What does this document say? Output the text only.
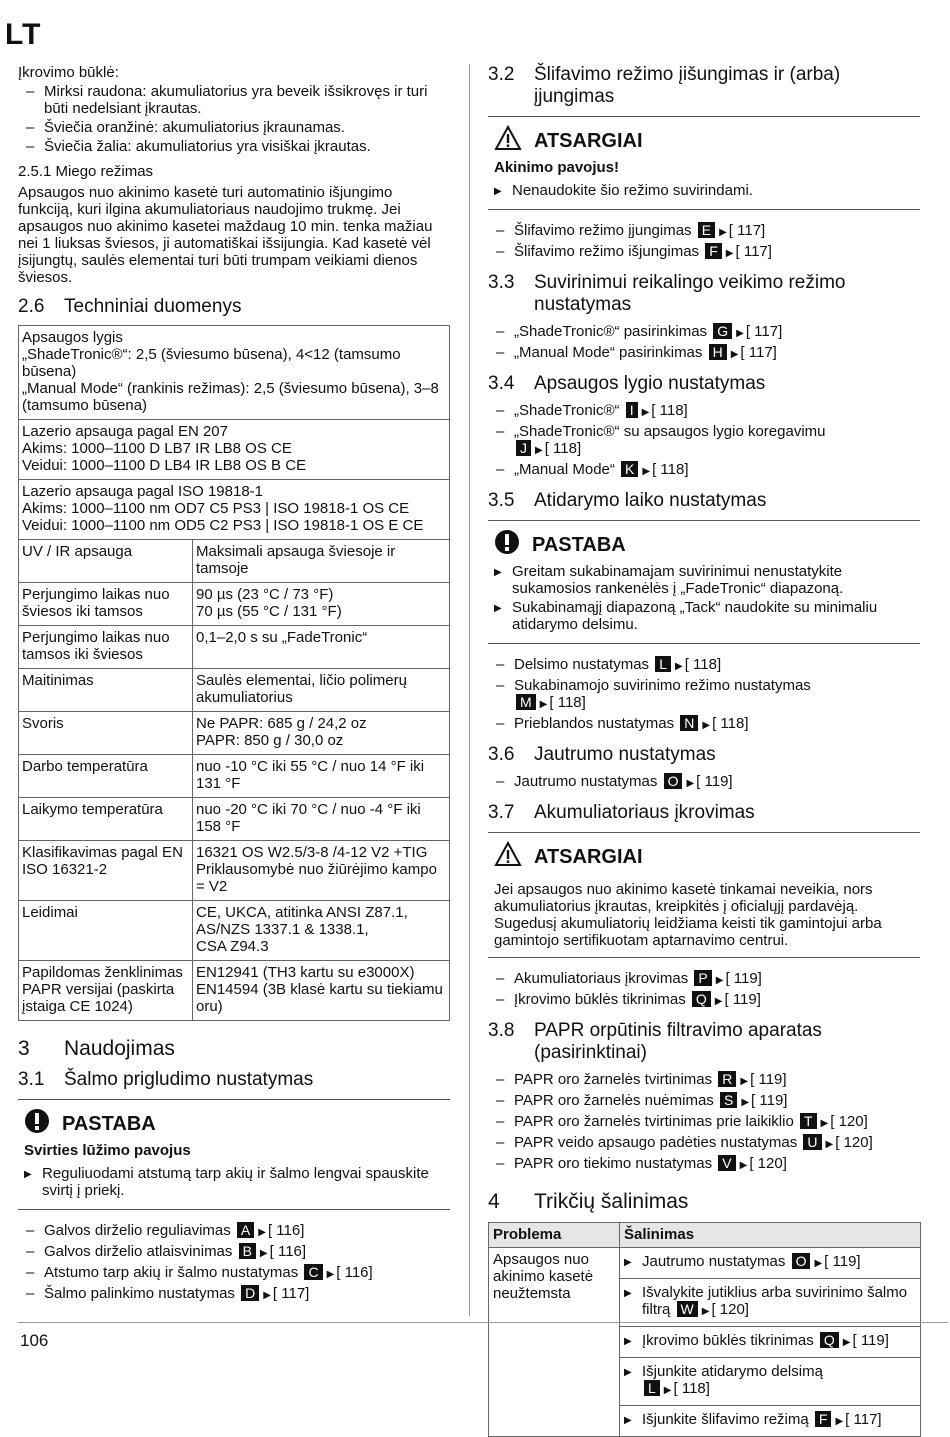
LT

Įkrovimo būklė:

– Mirksi raudona: akumuliatorius yra beveik išsikrovęs ir turi būti nedelsiant įkrautas.
– Šviečia oranžinė: akumuliatorius įkraunamas.
– Šviečia žalia: akumuliatorius yra visiškai įkrautas.
2.5.1 Miego režimas

Apsaugos nuo akinimo kasetė turi automatinio išjungimo funkciją, kuri ilgina akumuliatoriaus naudojimo trukmę. Jei apsaugos nuo akinimo kasetei maždaug 10 min. tenka mažiau nei 1 liuksas šviesos, ji automatiškai išsijungia. Kad kasetė vėl įsijungtų, saulės elementai turi būti trumpam veikiami dienos šviesos.

2.6	Techniniai duomenys
Apsaugos lygis
„ShadeTronic®“: 2,5 (šviesumo būsena), 4<12 (tamsumo būsena)
„Manual Mode“ (rankinis režimas): 2,5 (šviesumo būsena), 3–8 (tamsumo būsena)	
Lazerio apsauga pagal EN 207
Akims: 1000–1100 D LB7 IR LB8 OS CE
Veidui: 1000–1100 D LB4 IR LB8 OS B CE	
Lazerio apsauga pagal ISO 19818-1
Akims: 1000–1100 nm OD7 C5 PS3 | ISO 19818-1 OS CE
Veidui: 1000–1100 nm OD5 C2 PS3 | ISO 19818-1 OS E CE	
UV / IR apsauga	Maksimali apsauga šviesoje ir tamsoje
Perjungimo laikas nuo šviesos iki tamsos	90 µs (23 °C / 73 °F)
70 µs (55 °C / 131 °F)
Perjungimo laikas nuo tamsos iki šviesos	0,1–2,0 s su „FadeTronic“
Maitinimas	Saulės elementai, ličio polimerų akumuliatorius
Svoris	Ne PAPR: 685 g / 24,2 oz
PAPR: 850 g / 30,0 oz
Darbo temperatūra	nuo -10 °C iki 55 °C / nuo 14 °F iki 131 °F
Laikymo temperatūra	nuo -20 °C iki 70 °C / nuo -4 °F iki 158 °F
Klasifikavimas pagal EN ISO 16321-2	16321 OS W2.5/3-8 /4-12 V2 +TIG
Priklausomybė nuo žiūrėjimo kampo = V2
Leidimai	CE, UKCA, atitinka ANSI Z87.1, AS/NZS 1337.1 & 1338.1,
CSA Z94.3
Papildomas ženklinimas PAPR versijai (paskirta įstaiga CE 1024)	EN12941 (TH3 kartu su e3000X)
EN14594 (3B klasė kartu su tiekiamu oru)
3	Naudojimas
3.1	Šalmo prigludimo nustatymas
PASTABA
Svirties lūžimo pavojus
▶ Reguliuodami atstumą tarp akių ir šalmo lengvai spauskite svirtį į priekį.
– Galvos dirželio reguliavimas A ▶ [ 116]
– Galvos dirželio atlaisvinimas B ▶ [ 116]
– Atstumo tarp akių ir šalmo nustatymas C ▶ [ 116]
– Šalmo palinkimo nustatymas D ▶ [ 117]
3.2	Šlifavimo režimo įišungimas ir (arba) įjungimas
ATSARGIAI
Akinimo pavojus!
▶ Nenaudokite šio režimo suvirindami.
– Šlifavimo režimo įjungimas E ▶ [ 117]
– Šlifavimo režimo išjungimas F ▶ [ 117]
3.3	Suvirinimui reikalingo veikimo režimo nustatymas
– „ShadeTronic®“ pasirinkimas G ▶ [ 117]
– „Manual Mode“ pasirinkimas H ▶ [ 117]
3.4	Apsaugos lygio nustatymas
– „ShadeTronic®“ I ▶ [ 118]
– „ShadeTronic®“ su apsaugos lygio koregavimu
J ▶ [ 118]
– „Manual Mode“ K ▶ [ 118]
3.5	Atidarymo laiko nustatymas
PASTABA
▶ Greitam sukabinamajam suvirinimui nenustatykite sukamosios rankenėlės į „FadeTronic“ diapazoną.
▶ Sukabinamąjį diapazoną „Tack“ naudokite su minimaliu atidarymo delsimu.
– Delsimo nustatymas L ▶ [ 118]
– Sukabinamojo suvirinimo režimo nustatymas
M ▶ [ 118]
– Prieblandos nustatymas N ▶ [ 118]
3.6	Jautrumo nustatymas
– Jautrumo nustatymas O ▶ [ 119]
3.7	Akumuliatoriaus įkrovimas
ATSARGIAI

Jei apsaugos nuo akinimo kasetė tinkamai neveikia, nors akumuliatorius įkrautas, kreipkitės į oficialųjį pardavėją. Sugedusį akumuliatorių leidžiama keisti tik gamintojui arba gamintojo sertifikuotam aptarnavimo centrui.

– Akumuliatoriaus įkrovimas P ▶ [ 119]
– Įkrovimo būklės tikrinimas Q ▶ [ 119]
3.8	PAPR orpūtinis filtravimo aparatas (pasirinktinai)
– PAPR oro žarnelės tvirtinimas R ▶ [ 119]
– PAPR oro žarnelės nuėmimas S ▶ [ 119]
– PAPR oro žarnelės tvirtinimas prie laikiklio T ▶ [ 120]
– PAPR veido apsaugo padėties nustatymas U ▶ [ 120]
– PAPR oro tiekimo nustatymas V ▶ [ 120]
4	Trikčių šalinimas
Problema	Šalinimas
Apsaugos nuo akinimo kasetė neužtemsta	▶ Jautrumo nustatymas O ▶ [ 119]

	▶ Išvalykite jutiklius arba suvirinimo šalmo filtrą W ▶ [ 120]

	▶ Įkrovimo būklės tikrinimas Q ▶ [ 119]

	▶ Išjunkite atidarymo delsimą
L ▶ [ 118]

	▶ Išjunkite šlifavimo režimą F ▶ [ 117]
106
